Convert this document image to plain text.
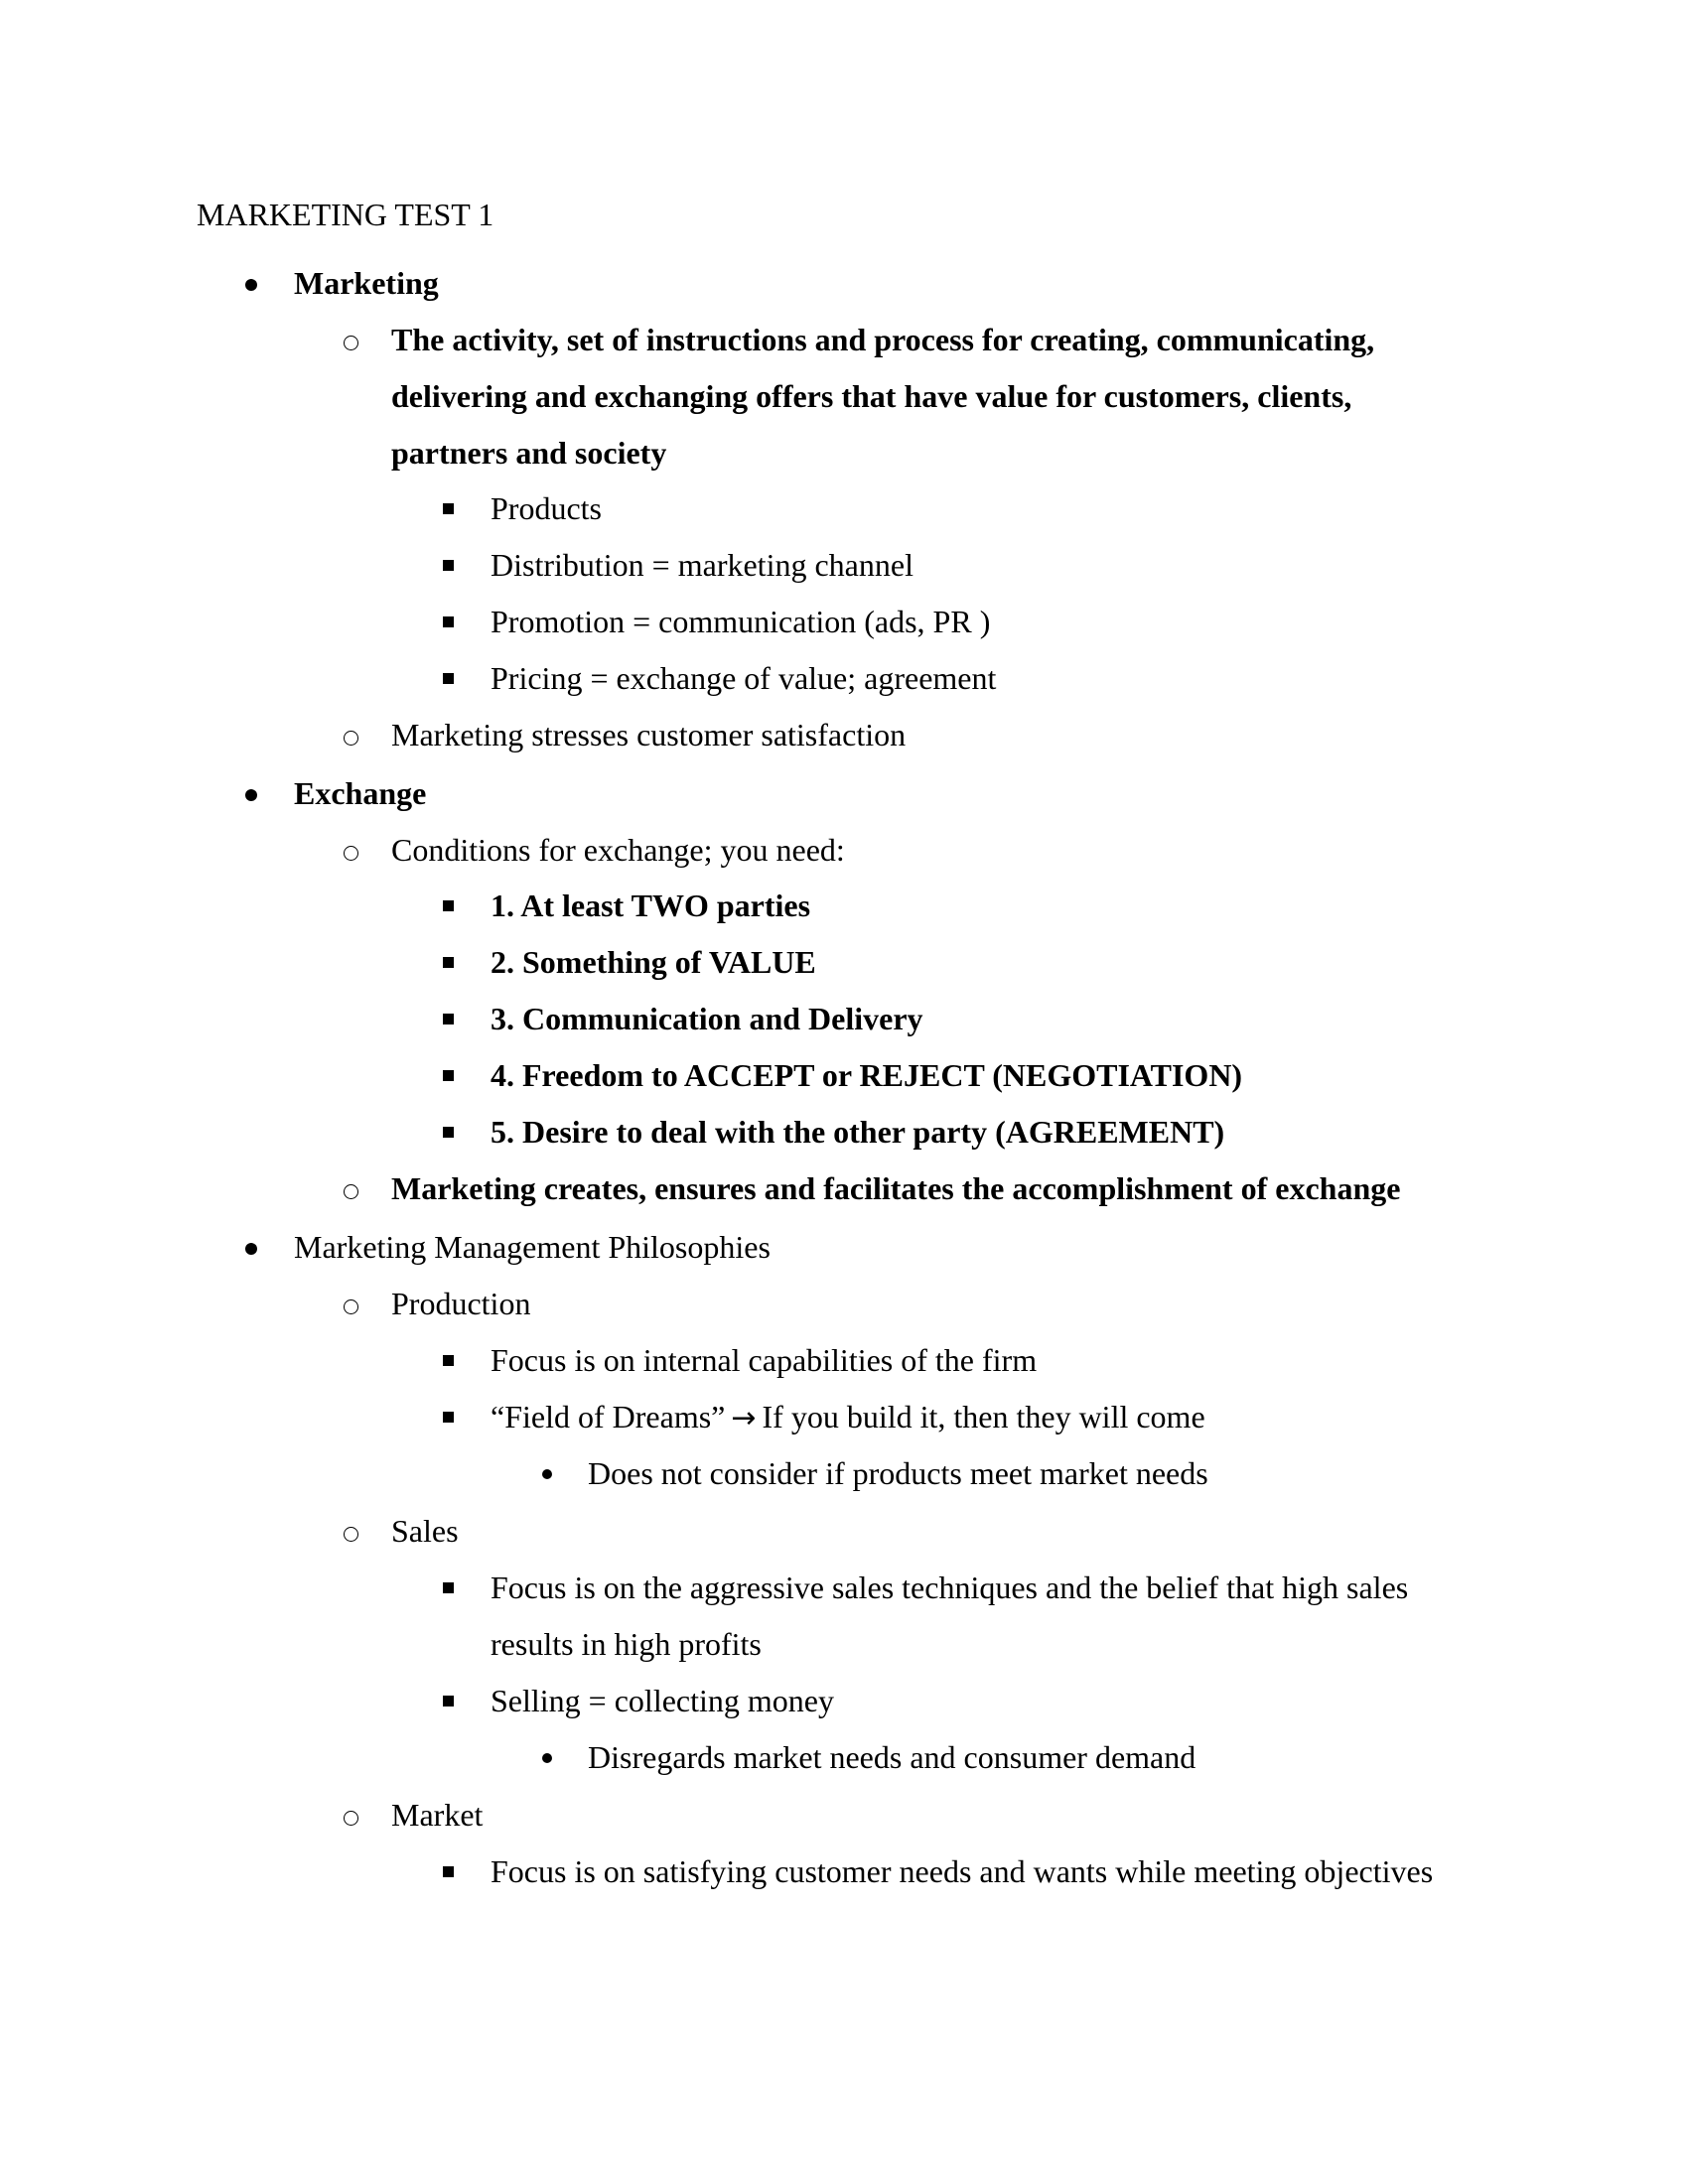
MARKETING TEST 1
Marketing
The activity, set of instructions and process for creating, communicating,
delivering and exchanging offers that have value for customers, clients,
partners and society
Products
Distribution = marketing channel
Promotion = communication (ads, PR )
Pricing = exchange of value; agreement
Marketing stresses customer satisfaction
Exchange
Conditions for exchange; you need:
1. At least TWO parties
2. Something of VALUE
3. Communication and Delivery
4. Freedom to ACCEPT or REJECT (NEGOTIATION)
5. Desire to deal with the other party (AGREEMENT)
Marketing creates, ensures and facilitates the accomplishment of exchange
Marketing Management Philosophies
Production
Focus is on internal capabilities of the firm
“Field of Dreams” → If you build it, then they will come
Does not consider if products meet market needs
Sales
Focus is on the aggressive sales techniques and the belief that high sales
results in high profits
Selling = collecting money
Disregards market needs and consumer demand
Market
Focus is on satisfying customer needs and wants while meeting objectives
